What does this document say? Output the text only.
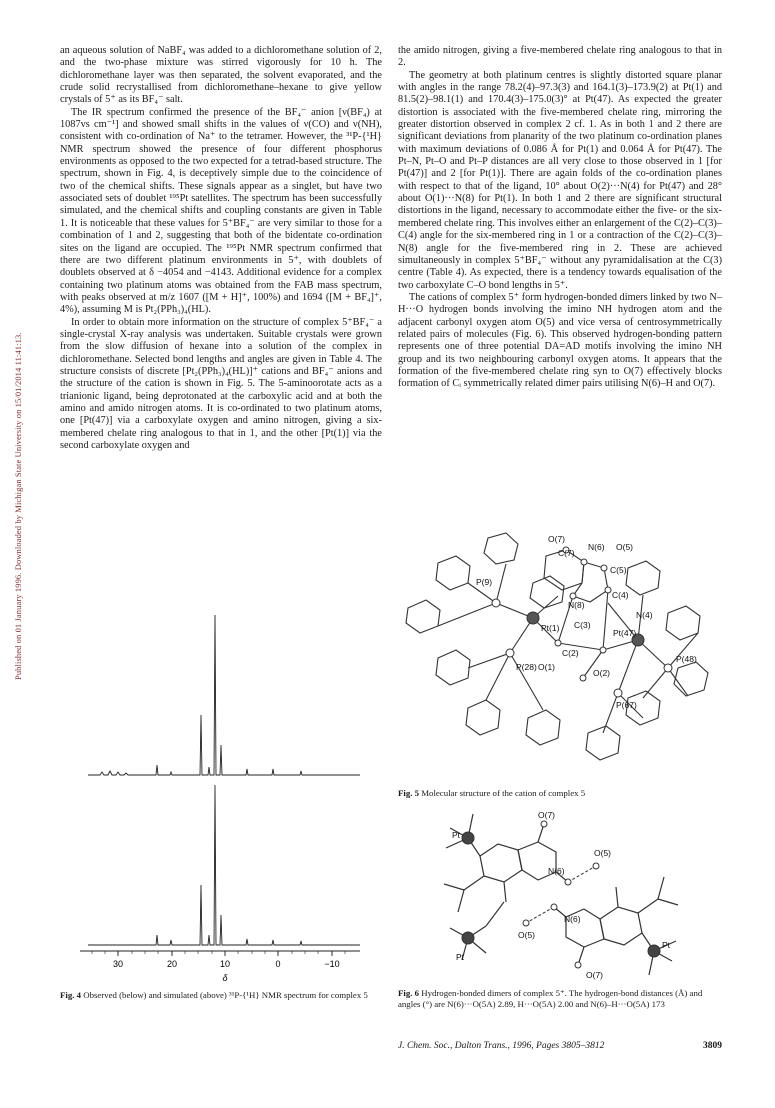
Published on 01 January 1996. Downloaded by Michigan State University on 15/01/2014 11:41:13.

an aqueous solution of NaBF₄ was added to a dichloromethane solution of 2, and the two-phase mixture was stirred vigorously for 10 h. The dichloromethane layer was then separated, the solvent evaporated, and the crude solid recrystallised from dichloromethane–hexane to give yellow crystals of 5⁺ as its BF₄⁻ salt.

The IR spectrum confirmed the presence of the BF₄⁻ anion [ν(BF₄) at 1087vs cm⁻¹] and showed small shifts in the values of ν(CO) and ν(NH), consistent with co-ordination of Na⁺ to the tetramer. However, the ³¹P-{¹H} NMR spectrum showed the presence of four different phosphorus environments as opposed to the two expected for a tetrad-based structure. The spectrum, shown in Fig. 4, is deceptively simple due to the coincidence of two of the chemical shifts. These signals appear as a singlet, but have two associated sets of doublet ¹⁹⁵Pt satellites. The spectrum has been successfully simulated, and the chemical shifts and coupling constants are given in Table 1. It is noticeable that these values for 5⁺BF₄⁻ are very similar to those for a combination of 1 and 2, suggesting that both of the bidentate co-ordination sites on the ligand are occupied. The ¹⁹⁵Pt NMR spectrum confirmed that there are two different platinum environments in 5⁺, with doublets of doublets observed at δ −4054 and −4143. Additional evidence for a complex containing two platinum atoms was obtained from the FAB mass spectrum, with peaks observed at m/z 1607 ([M + H]⁺, 100%) and 1694 ([M + BF₄]⁺, 4%), assuming M is Pt₂(PPh₃)₄(HL).

In order to obtain more information on the structure of complex 5⁺BF₄⁻ a single-crystal X-ray analysis was undertaken. Suitable crystals were grown from the slow diffusion of hexane into a solution of the complex in dichloromethane. Selected bond lengths and angles are given in Table 4. The structure consists of discrete [Pt₂(PPh₃)₄(HL)]⁺ cations and BF₄⁻ anions and the structure of the cation is shown in Fig. 5. The 5-aminoorotate acts as a trianionic ligand, being deprotonated at the carboxylic acid and at both the amino and amido nitrogen atoms. It is co-ordinated to two platinum atoms, one [Pt(47)] via a carboxylate oxygen and amino nitrogen, giving a six-membered chelate ring analogous to that in 1, and the other [Pt(1)] via the second carboxylate oxygen and

the amido nitrogen, giving a five-membered chelate ring analogous to that in 2.

The geometry at both platinum centres is slightly distorted square planar with angles in the range 78.2(4)–97.3(3) and 164.1(3)–173.9(2) at Pt(1) and 81.5(2)–98.1(1) and 170.4(3)–175.0(3)° at Pt(47). As expected the greater distortion is associated with the five-membered chelate ring, mirroring the greater distortion observed in complex 2 cf. 1. As in both 1 and 2 there are significant deviations from planarity of the two platinum co-ordination planes with maximum deviations of 0.086 Å for Pt(1) and 0.064 Å for Pt(47). The Pt–N, Pt–O and Pt–P distances are all very close to those observed in 1 [for Pt(47)] and 2 [for Pt(1)]. There are again folds of the co-ordination planes with respect to that of the ligand, 10° about O(2)···N(4) for Pt(47) and 28° about O(1)···N(8) for Pt(1). In both 1 and 2 there are significant structural distortions in the ligand, necessary to accommodate either the five- or the six-membered chelate ring. This involves either an enlargement of the C(2)–C(3)–C(4) angle for the six-membered ring in 1 or a contraction of the C(2)–C(3)–N(8) angle for the five-membered ring in 2. These are achieved simultaneously in complex 5⁺BF₄⁻ without any pyramidalisation at the C(3) centre (Table 4). As expected, there is a tendency towards equalisation of the two carboxylate C–O bond lengths in 5⁺.

The cations of complex 5⁺ form hydrogen-bonded dimers linked by two N–H···O hydrogen bonds involving the imino NH hydrogen atom and the adjacent carbonyl oxygen atom O(5) and vice versa of centrosymmetrically related pairs of molecules (Fig. 6). This observed hydrogen-bonding pattern represents one of three potential DA=AD motifs involving the imino NH group and its two neighbouring carbonyl oxygen atoms. It appears that the formation of the five-membered chelate ring syn to O(7) effectively blocks formation of Cᵢ symmetrically related dimer pairs utilising N(6)–H and O(7).

30	20	10	0	−10
δ
Fig. 4 Observed (below) and simulated (above) ³¹P-{¹H} NMR spectrum for complex 5
O(7)
C(7)
N(6) O(5)
C(5)
P(9)
N(8)
C(4)
N(4)
C(3)
Pt(1)	Pt(47)
C(2)
O(1)
O(2)
P(48)
P(28)
P(67)
Fig. 5 Molecular structure of the cation of complex 5
Pt
O(7)
O(5)
N(6)
N(6)
O(5)
O(7)
Pt
Pt
Fig. 6 Hydrogen-bonded dimers of complex 5⁺. The hydrogen-bond distances (Å) and angles (°) are N(6)···O(5A) 2.89, H···O(5A) 2.00 and N(6)–H···O(5A) 173
J. Chem. Soc., Dalton Trans., 1996, Pages 3805–3812	3809
